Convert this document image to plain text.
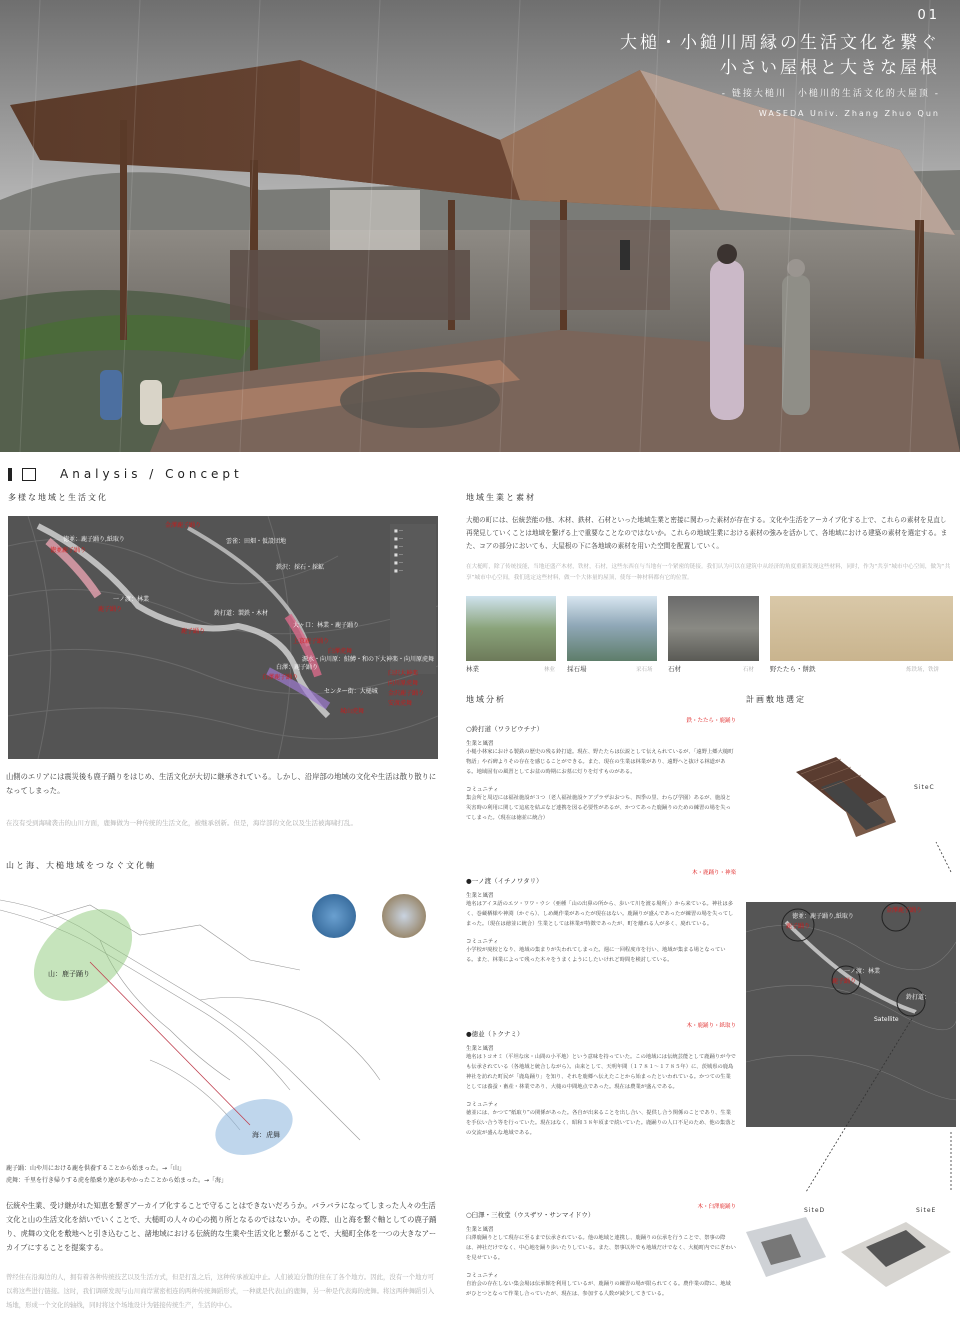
01
大槌・小鎚川周縁の生活文化を繋ぐ
小さい屋根と大きな屋根
- 链接大槌川　小槌川的生活文化的大屋顶 -
WASEDA Univ. Zhang Zhuo Qun
Analysis / Concept
多様な地域と生活文化
■ ―
■ ―
■ ―
■ ―
■ ―
■ ―
金澤鹿子踊り
徳並：鹿子踊り,紙取り
徳並鹿子踊り
雲雀：田畑・仮設団地
鉄沢：採石・採鉱
一ノ渡：林業
鹿子踊り
鈴打道：製鉄・木材
鹿子踊り
大ヶ口：林業・鹿子踊り
上京鹿子踊り
源水・向川原：鮭鱒・和の下大神楽・向川原虎舞
白澤：鹿子踊り
白澤鹿子踊り
臼沢大神楽
向川原虎舞
センター街：大槌城 金沢鹿子踊り
安渡虎舞
城山虎舞
臼澤虎舞
山側のエリアには震災後も鹿子踊りをはじめ、生活文化が大切に継承されている。しかし、沿岸部の地域の文化や生活は散り散りになってしまった。
在沒有受到海啸袭击的山川方面，鹿舞做为一种传统的生活文化，被继承创新。但是，海岸部的文化以及生活被海啸打乱。
山と海、大槌地域をつなぐ文化軸
山：鹿子踊り
海：虎舞
鹿子踊：山や川における鹿を供養することから始まった。→「山」
虎舞：千里を行き帰りする虎を船乗り達があやかったことから始まった。→「海」
伝統や生業、受け継がれた知恵を繋ぎアーカイブ化することで守ることはできないだろうか。バラバラになってしまった人々の生活文化と山の生活文化を結いでいくことで、大槌町の人々の心の拠り所となるのではないか。その際、山と海を繋ぐ軸としての鹿子踊り、虎舞の文化を敷地へと引き込むこと、諸地域における伝統的な生業や生活文化と繋がることで、大槌町全体を一つの大きなアーカイブにすることを提案する。
曾经住在沿海边的人，拥有着各种传统技艺以及生活方式，但是打乱之后，这种传承被迫中止。人们被迫分散的住在了各个地方。因此，没有一个地方可以将这些进行链接。这时，我们调研发现与山川商岸紧密相连的两种传统舞蹈形式，一种就是代表山的鹿舞，另一种是代表海的虎舞。将这两种舞蹈引入场地，形成一个文化的轴线，同时将这个场地设计为链接传统生产，生活的中心。
地域生業と素材
大槌の町には、伝統芸能の他、木材、鉄材、石材といった地域生業と密接に関わった素材が存在する。文化や生活をアーカイブ化する上で、これらの素材を見直し再発見していくことは地域を繋げる上で重要なことなのではないか。これらの地域生業における素材の強みを活かして、各地域における建築の素材を選定する。また、コアの部分においても、大屋根の下に各地域の素材を用いた空間を配置していく。
在大槌町，除了传统技能，当地还盛产木材，铁材，石材，这些东西在与当地有一个紧密的链接。我们认为可以在建筑中从经济的角度重新发现这些材料，同时，作为“共享”城市中心空间，做为“共享”城市中心空间，我们选定这些材料，做一个大体量的屋顶，使每一种材料都有它的位置。
林業	林业 採石場	采石场 石材	石材 野たたら・餅鉄	炼铁场，铁饼
地域分析	計画敷地選定
○鈴打道（ワラビウチナ）
鉄・たたら・鹿踊り
生業と風習
小槌小林家における製鉄の歴史の残る鈴打道。現在、野たたらは伝説として伝えられているが、「遠野上郷大槌町物語」や石碑よりその存在を感じることができる。また、現在の生業は林業があり、遠野へと抜ける林道がある。地域固有の風習としてお盆の時期にお墓に灯りを灯すものがある。
コミュニティ
集会所と周辺には福祉施設が３つ（老人福祉施設ケアプラザおおつち、四季の里、わらび学園）あるが、施設と災害時の利用に関して這底を結ぶなど連携を図る必要性があるが、かつてあった鹿踊りのための練習の場を失ってしまった。（現在は徳並に統合）
●一ノ渡（イチノワタリ）
木・鹿踊り・神楽
生業と風習
地名はアイヌ語のエツ・ワワ・ウシ（亜種「山の出鼻の所から、歩いて川を渡る場所」）から来ている。神社は多く、巻蔵栖様や神渕（かぐら）、しめ縄作業があったが現在はない。鹿踊りが盛んであったが練習の場を失ってしまった。（現在は徳並に統合）生業としては林業が特徴であったが、町を離れる人が多く、廃れている。
コミュニティ
小学校が廃校となり、地域の集まりが失われてしまった。週に一回程度市を行い、地域が集まる場となっている。また、林業によって残った木々をうまくようにしたいけれど時間を検討している。
●徳並（トクナミ）
木・鹿踊り・紙取り
生業と風習
地名はトコオミ（平坦な床・山間の小平地）という意味を持っていた。この地域には伝統芸能として鹿踊りが今でも伝承されている（各地域と統合しながら）。由来として、天明年間（１７８１～１７８５年）に、茨城県の鹿島神社を訪れた町民が「鹿島踊り」を知り、それを鹿郷へ伝えたことから始まったといわれている。かつての生業としては養蚕・畜産・林業であり、大槌の中間地点であった。現在は農業が盛んである。
コミュニティ
徳並には、かつて“紙取り”の関係があった。各自が出来ることを出し合い、提供し合う関係のことであり、生業を手伝い合う等を行っていた。現在はなく、昭和３８年頃まで続いていた。鹿踊りの人口不足のため、他の集落との交流が盛んな地域である。
○臼澤・三枚堂（ウスザワ・サンマイドウ）
木・臼澤鹿踊り
生業と風習
臼澤鹿踊りとして現存に至るまで伝承されている。他の地域と連携し、鹿踊りの伝承を行うことで、祭事の際は、神社だけでなく、中心地を踊り歩いたりしている。また、祭事以外でも地域だけでなく、大槌町内でにぎわいを見せている。
コミュニティ
自治会の存在しない集会場は伝承館を利用しているが、鹿踊りの練習の場が限られてくる。農作業の際に、地域がひとつとなって作業し合っていたが、現在は、参加する人数が減少してきている。
SiteC
SiteD	SiteE
鹿子踊り
徳並：鹿子踊り,紙取り
金澤鹿子踊り
一ノ渡：林業
鹿子踊り
鈴打道：
Satellite
